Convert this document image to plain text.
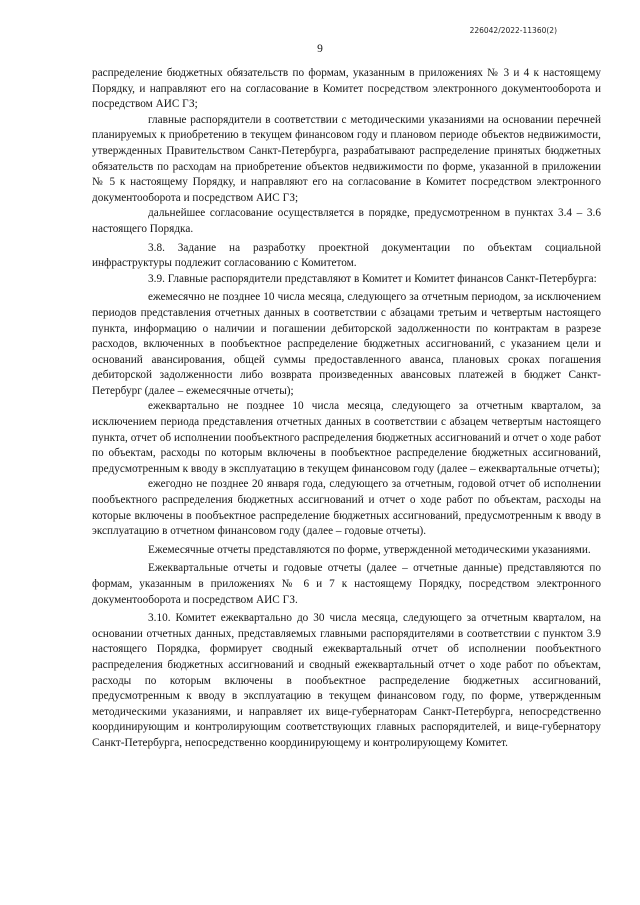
226042/2022-11360(2)
9

распределение бюджетных обязательств по формам, указанным в приложениях № 3 и 4 к настоящему Порядку, и направляют его на согласование в Комитет посредством электронного документооборота и посредством АИС ГЗ;

главные распорядители в соответствии с методическими указаниями на основании перечней планируемых к приобретению в текущем финансовом году и плановом периоде объектов недвижимости, утвержденных Правительством Санкт-Петербурга, разрабатывают распределение принятых бюджетных обязательств по расходам на приобретение объектов недвижимости по форме, указанной в приложении № 5 к настоящему Порядку, и направляют его на согласование в Комитет посредством электронного документооборота и посредством АИС ГЗ;

дальнейшее согласование осуществляется в порядке, предусмотренном в пунктах 3.4 – 3.6 настоящего Порядка.

3.8. Задание на разработку проектной документации по объектам социальной инфраструктуры подлежит согласованию с Комитетом.

3.9. Главные распорядители представляют в Комитет и Комитет финансов Санкт-Петербурга:

ежемесячно не позднее 10 числа месяца, следующего за отчетным периодом, за исключением периодов представления отчетных данных в соответствии с абзацами третьим и четвертым настоящего пункта, информацию о наличии и погашении дебиторской задолженности по контрактам в разрезе расходов, включенных в пообъектное распределение бюджетных ассигнований, с указанием цели и оснований авансирования, общей суммы предоставленного аванса, плановых сроках погашения дебиторской задолженности либо возврата произведенных авансовых платежей в бюджет Санкт-Петербург (далее – ежемесячные отчеты);

ежеквартально не позднее 10 числа месяца, следующего за отчетным кварталом, за исключением периода представления отчетных данных в соответствии с абзацем четвертым настоящего пункта, отчет об исполнении пообъектного распределения бюджетных ассигнований и отчет о ходе работ по объектам, расходы по которым включены в пообъектное распределение бюджетных ассигнований, предусмотренным к вводу в эксплуатацию в текущем финансовом году (далее – ежеквартальные отчеты);

ежегодно не позднее 20 января года, следующего за отчетным, годовой отчет об исполнении пообъектного распределения бюджетных ассигнований и отчет о ходе работ по объектам, расходы на которые включены в пообъектное распределение бюджетных ассигнований, предусмотренным к вводу в эксплуатацию в отчетном финансовом году (далее – годовые отчеты).

Ежемесячные отчеты представляются по форме, утвержденной методическими указаниями.

Ежеквартальные отчеты и годовые отчеты (далее – отчетные данные) представляются по формам, указанным в приложениях № 6 и 7 к настоящему Порядку, посредством электронного документооборота и посредством АИС ГЗ.

3.10. Комитет ежеквартально до 30 числа месяца, следующего за отчетным кварталом, на основании отчетных данных, представляемых главными распорядителями в соответствии с пунктом 3.9 настоящего Порядка, формирует сводный ежеквартальный отчет об исполнении пообъектного распределения бюджетных ассигнований и сводный ежеквартальный отчет о ходе работ по объектам, расходы по которым включены в пообъектное распределение бюджетных ассигнований, предусмотренным к вводу в эксплуатацию в текущем финансовом году, по форме, утвержденным методическими указаниями, и направляет их вице-губернаторам Санкт-Петербурга, непосредственно координирующим и контролирующим соответствующих главных распорядителей, и вице-губернатору Санкт-Петербурга, непосредственно координирующему и контролирующему Комитет.
